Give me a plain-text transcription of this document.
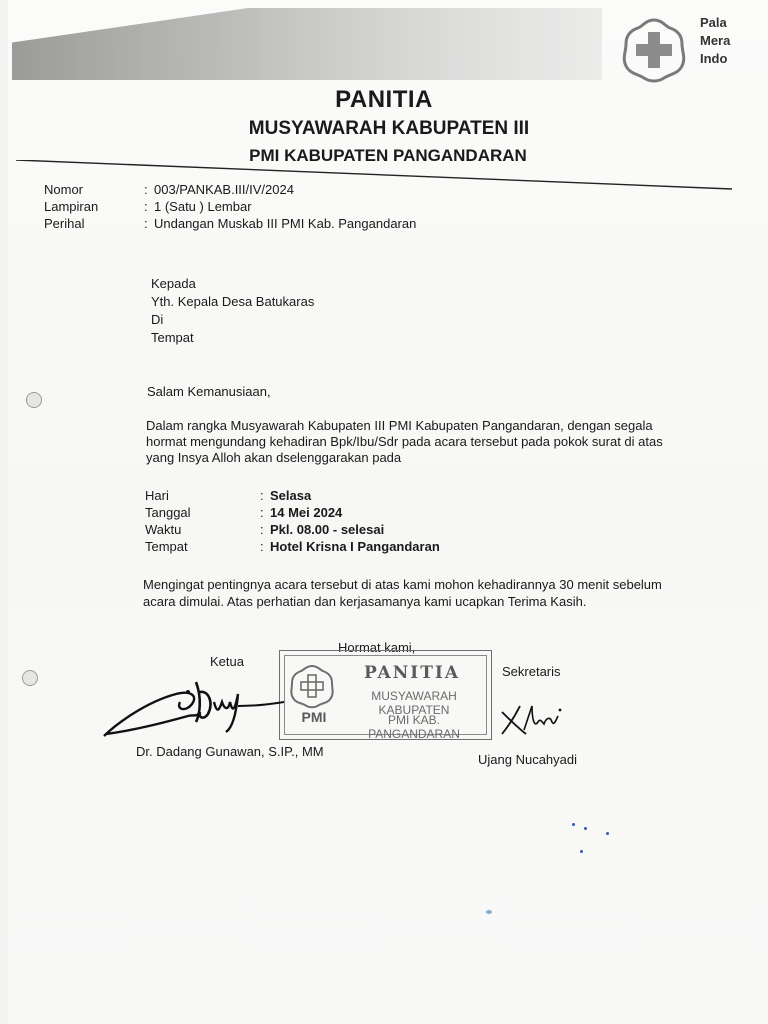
Pala
Mera
Indo
PANITIA
MUSYAWARAH KABUPATEN III
PMI KABUPATEN PANGANDARAN
Nomor	: 003/PANKAB.III/IV/2024
Lampiran	: 1 (Satu ) Lembar
Perihal	: Undangan Muskab III PMI Kab. Pangandaran
Kepada
Yth. Kepala Desa Batukaras
Di
Tempat
Salam Kemanusiaan,
Dalam rangka Musyawarah Kabupaten III PMI Kabupaten Pangandaran, dengan segala hormat mengundang kehadiran Bpk/Ibu/Sdr pada acara tersebut pada pokok surat di atas yang Insya Alloh akan dselenggarakan pada
Hari	: Selasa
Tanggal	: 14 Mei 2024
Waktu	: Pkl. 08.00 - selesai
Tempat	: Hotel Krisna I Pangandaran
Mengingat pentingnya acara tersebut di atas kami mohon kehadirannya 30 menit sebelum acara dimulai. Atas perhatian dan kerjasamanya kami ucapkan Terima Kasih.
Hormat kami,
Ketua
Sekretaris
PMI
PANITIA
MUSYAWARAH KABUPATEN
PMI KAB. PANGANDARAN
Dr. Dadang Gunawan, S.IP., MM
Ujang Nucahyadi
